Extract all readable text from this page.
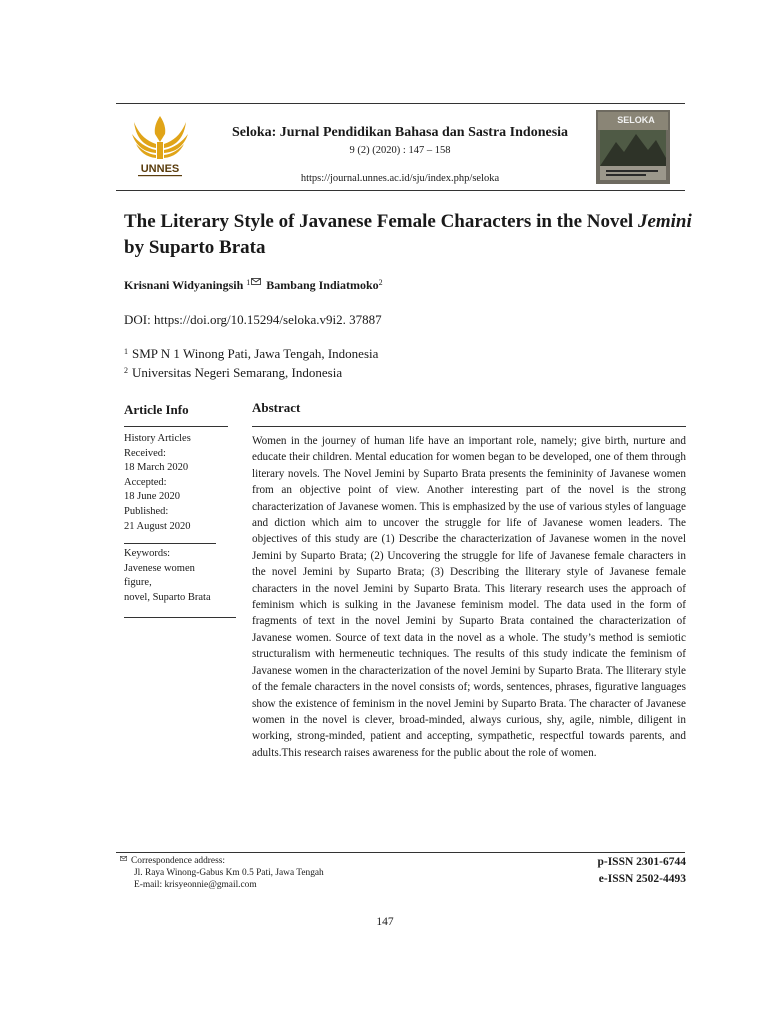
UNNES
Seloka: Jurnal Pendidikan Bahasa dan Sastra Indonesia
9 (2) (2020) : 147 – 158
https://journal.unnes.ac.id/sju/index.php/seloka
SELOKA
The Literary Style of Javanese Female Characters in the Novel Jemini
by Suparto Brata
Krisnani Widyaningsih $^1$ Bambang Indiatmoko$^2$
DOI: https://doi.org/10.15294/seloka.v9i2. 37887
$^1$ SMP N 1 Winong Pati, Jawa Tengah, Indonesia
$^2$ Universitas Negeri Semarang, Indonesia
Article Info
History Articles
Received:
18 March 2020
Accepted:
18 June 2020
Published:
21 August 2020
Keywords:
Javenese women
figure,
novel, Suparto Brata
Abstract
Women in the journey of human life have an important role, namely; give birth, nurture and educate their children. Mental education for women began to be developed, one of them through literary novels. The Novel Jemini by Suparto Brata presents the femininity of Javanese women from an objective point of view. Another interesting part of the novel is the strong characterization of Javanese women. This is emphasized by the use of various styles of language and diction which aim to uncover the struggle for life of Javanese women leaders. The objectives of this study are (1) Describe the characterization of Javanese women in the novel Jemini by Suparto Brata; (2) Uncovering the struggle for life of Javanese female characters in the novel Jemini by Suparto Brata; (3) Describing the lliterary style of Javanese female characters in the novel Jemini by Suparto Brata. This literary research uses the approach of feminism which is sulking in the Javanese feminism model. The data used in the form of fragments of text in the novel Jemini by Suparto Brata contained the characterization of Javanese women. Source of text data in the novel as a whole. The study’s method is semiotic structuralism with hermeneutic techniques. The results of this study indicate the feminism of Javanese women in the characterization of the novel Jemini by Suparto Brata. The lliterary style of the female characters in the novel consists of; words, sentences, phrases, figurative languages show the existence of feminism in the novel Jemini by Suparto Brata. The character of Javanese women in the novel is clever, broad-minded, always curious, shy, agile, nimble, diligent in working, strong-minded, patient and accepting, sympathetic, respectful towards parents, and adults.This research raises awareness for the public about the role of women.
Correspondence address:
Jl. Raya Winong-Gabus Km 0.5 Pati, Jawa Tengah
E-mail: krisyeonnie@gmail.com
p-ISSN 2301-6744
e-ISSN 2502-4493
147
